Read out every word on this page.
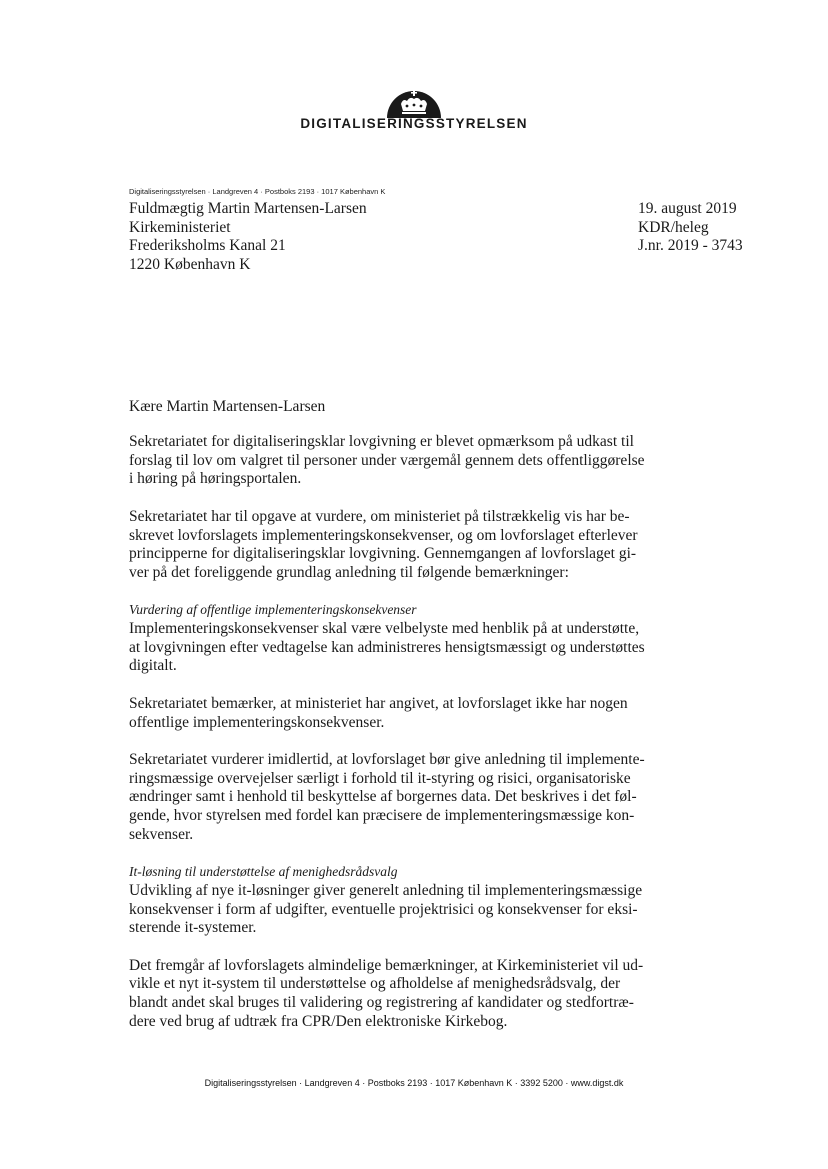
DIGITALISERINGSSTYRELSEN
Digitaliseringsstyrelsen · Landgreven 4 · Postboks 2193 · 1017 København K
Fuldmægtig Martin Martensen-Larsen
Kirkeministeriet
Frederiksholms Kanal 21
1220 København K
19. august 2019
KDR/heleg
J.nr. 2019 - 3743
Kære Martin Martensen-Larsen
Sekretariatet for digitaliseringsklar lovgivning er blevet opmærksom på udkast til
forslag til lov om valgret til personer under værgemål gennem dets offentliggørelse
i høring på høringsportalen.
Sekretariatet har til opgave at vurdere, om ministeriet på tilstrækkelig vis har be-
skrevet lovforslagets implementeringskonsekvenser, og om lovforslaget efterlever
principperne for digitaliseringsklar lovgivning. Gennemgangen af lovforslaget gi-
ver på det foreliggende grundlag anledning til følgende bemærkninger:
Vurdering af offentlige implementeringskonsekvenser
Implementeringskonsekvenser skal være velbelyste med henblik på at understøtte,
at lovgivningen efter vedtagelse kan administreres hensigtsmæssigt og understøttes
digitalt.
Sekretariatet bemærker, at ministeriet har angivet, at lovforslaget ikke har nogen
offentlige implementeringskonsekvenser.
Sekretariatet vurderer imidlertid, at lovforslaget bør give anledning til implemente-
ringsmæssige overvejelser særligt i forhold til it-styring og risici, organisatoriske
ændringer samt i henhold til beskyttelse af borgernes data. Det beskrives i det føl-
gende, hvor styrelsen med fordel kan præcisere de implementeringsmæssige kon-
sekvenser.
It-løsning til understøttelse af menighedsrådsvalg
Udvikling af nye it-løsninger giver generelt anledning til implementeringsmæssige
konsekvenser i form af udgifter, eventuelle projektrisici og konsekvenser for eksi-
sterende it-systemer.
Det fremgår af lovforslagets almindelige bemærkninger, at Kirkeministeriet vil ud-
vikle et nyt it-system til understøttelse og afholdelse af menighedsrådsvalg, der
blandt andet skal bruges til validering og registrering af kandidater og stedfortræ-
dere ved brug af udtræk fra CPR/Den elektroniske Kirkebog.
Digitaliseringsstyrelsen · Landgreven 4 · Postboks 2193 · 1017 København K · 3392 5200 · www.digst.dk
